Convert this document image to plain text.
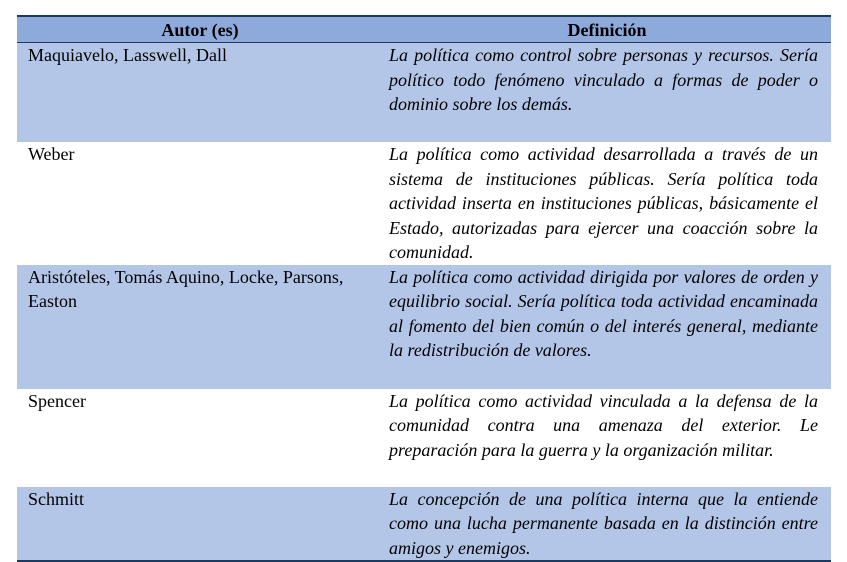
Autor (es)	Definición
Maquiavelo, Lasswell, Dall	La política como control sobre personas y recursos. Sería político todo fenómeno vinculado a formas de poder o dominio sobre los demás.
Weber	La política como actividad desarrollada a través de un sistema de instituciones públicas. Sería política toda actividad inserta en instituciones públicas, básicamente el Estado, autorizadas para ejercer una coacción sobre la comunidad.
Aristóteles, Tomás Aquino, Locke, Parsons, Easton	La política como actividad dirigida por valores de orden y equilibrio social. Sería política toda actividad encaminada al fomento del bien común o del interés general, mediante la redistribución de valores.
Spencer	La política como actividad vinculada a la defensa de la comunidad contra una amenaza del exterior. Le preparación para la guerra y la organización militar.
Schmitt	La concepción de una política interna que la entiende como una lucha permanente basada en la distinción entre amigos y enemigos.
